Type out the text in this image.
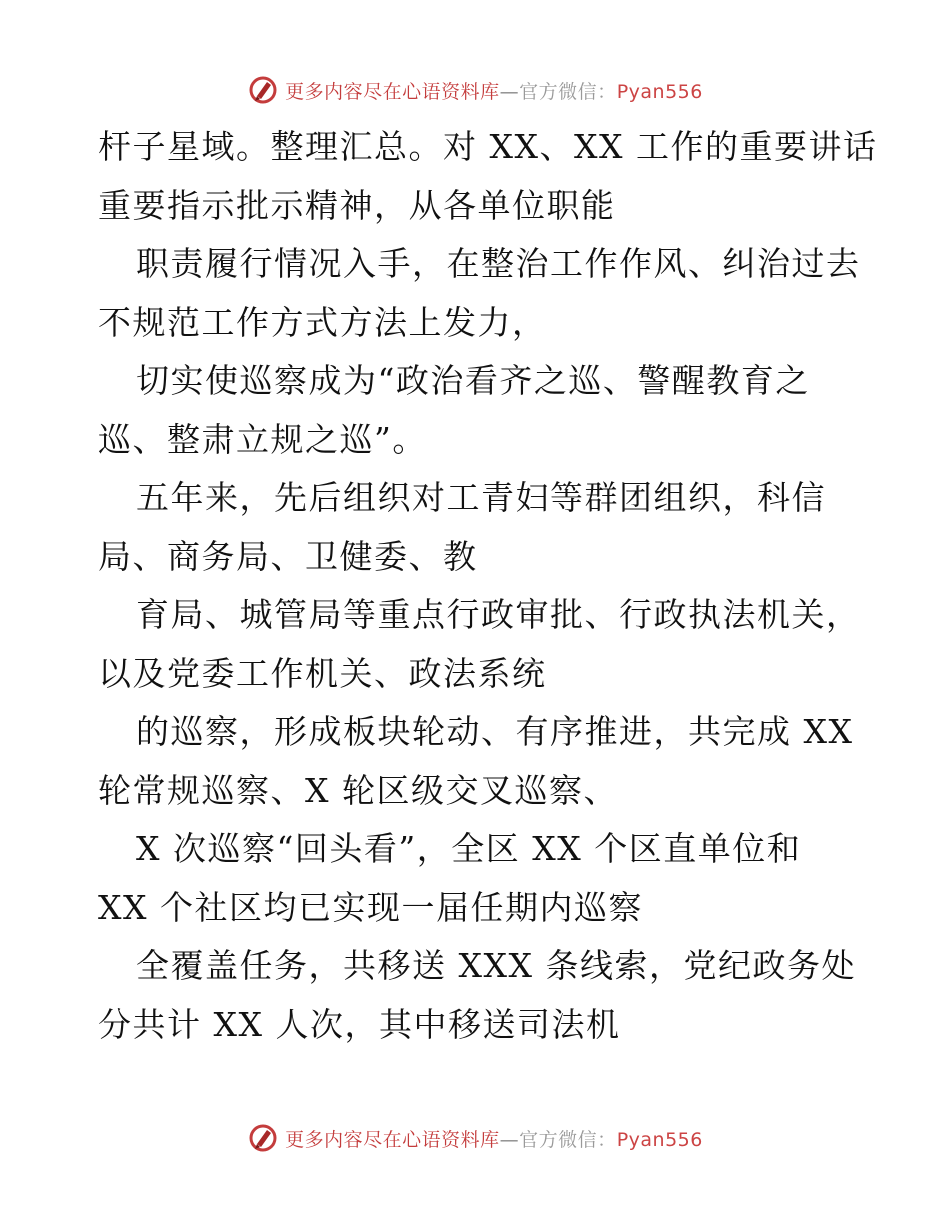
更多内容尽在心语资料库—官方微信：Pyan556
杆子星域。整理汇总。对 XX、XX 工作的重要讲话
重要指示批示精神，从各单位职能
职责履行情况入手，在整治工作作风、纠治过去
不规范工作方式方法上发力，
切实使巡察成为“政治看齐之巡、警醒教育之
巡、整肃立规之巡”。
五年来，先后组织对工青妇等群团组织，科信
局、商务局、卫健委、教
育局、城管局等重点行政审批、行政执法机关，
以及党委工作机关、政法系统
的巡察，形成板块轮动、有序推进，共完成 XX
轮常规巡察、X 轮区级交叉巡察、
X 次巡察“回头看”，全区 XX 个区直单位和
XX 个社区均已实现一届任期内巡察
全覆盖任务，共移送 XXX 条线索，党纪政务处
分共计 XX 人次，其中移送司法机
更多内容尽在心语资料库—官方微信：Pyan556
